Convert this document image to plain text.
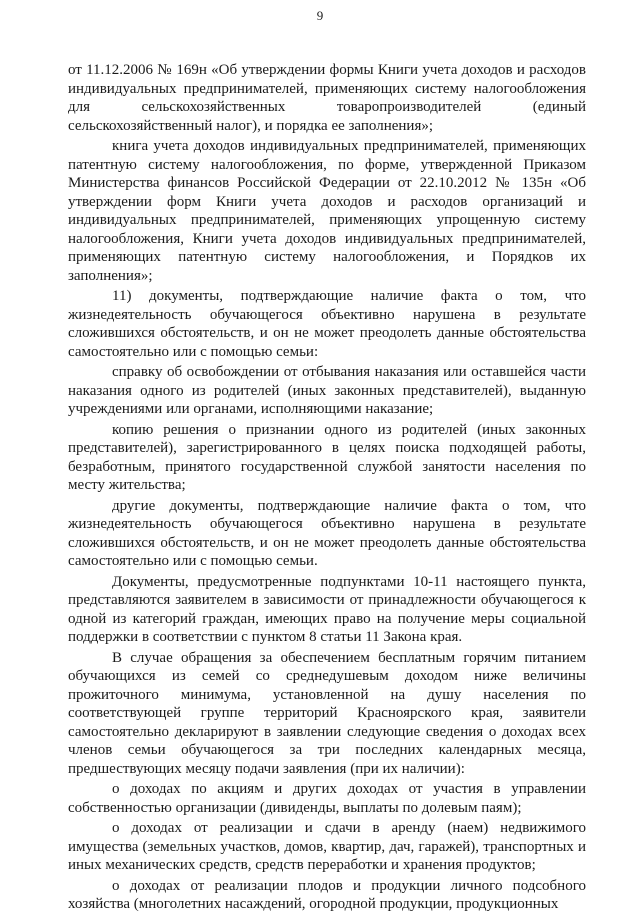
9

от 11.12.2006 № 169н «Об утверждении формы Книги учета доходов и расходов индивидуальных предпринимателей, применяющих систему налогообложения для сельскохозяйственных товаропроизводителей (единый сельскохозяйственный налог), и порядка ее заполнения»;

книга учета доходов индивидуальных предпринимателей, применяющих патентную систему налогообложения, по форме, утвержденной Приказом Министерства финансов Российской Федерации от 22.10.2012 № 135н «Об утверждении форм Книги учета доходов и расходов организаций и индивидуальных предпринимателей, применяющих упрощенную систему налогообложения, Книги учета доходов индивидуальных предпринимателей, применяющих патентную систему налогообложения, и Порядков их заполнения»;

11) документы, подтверждающие наличие факта о том, что жизнедеятельность обучающегося объективно нарушена в результате сложившихся обстоятельств, и он не может преодолеть данные обстоятельства самостоятельно или с помощью семьи:

справку об освобождении от отбывания наказания или оставшейся части наказания одного из родителей (иных законных представителей), выданную учреждениями или органами, исполняющими наказание;

копию решения о признании одного из родителей (иных законных представителей), зарегистрированного в целях поиска подходящей работы, безработным, принятого государственной службой занятости населения по месту жительства;

другие документы, подтверждающие наличие факта о том, что жизнедеятельность обучающегося объективно нарушена в результате сложившихся обстоятельств, и он не может преодолеть данные обстоятельства самостоятельно или с помощью семьи.

Документы, предусмотренные подпунктами 10-11 настоящего пункта, представляются заявителем в зависимости от принадлежности обучающегося к одной из категорий граждан, имеющих право на получение меры социальной поддержки в соответствии с пунктом 8 статьи 11 Закона края.

В случае обращения за обеспечением бесплатным горячим питанием обучающихся из семей со среднедушевым доходом ниже величины прожиточного минимума, установленной на душу населения по соответствующей группе территорий Красноярского края, заявители самостоятельно декларируют в заявлении следующие сведения о доходах всех членов семьи обучающегося за три последних календарных месяца, предшествующих месяцу подачи заявления (при их наличии):

о доходах по акциям и других доходах от участия в управлении собственностью организации (дивиденды, выплаты по долевым паям);

о доходах от реализации и сдачи в аренду (наем) недвижимого имущества (земельных участков, домов, квартир, дач, гаражей), транспортных и иных механических средств, средств переработки и хранения продуктов;

о доходах от реализации плодов и продукции личного подсобного хозяйства (многолетних насаждений, огородной продукции, продукционных
